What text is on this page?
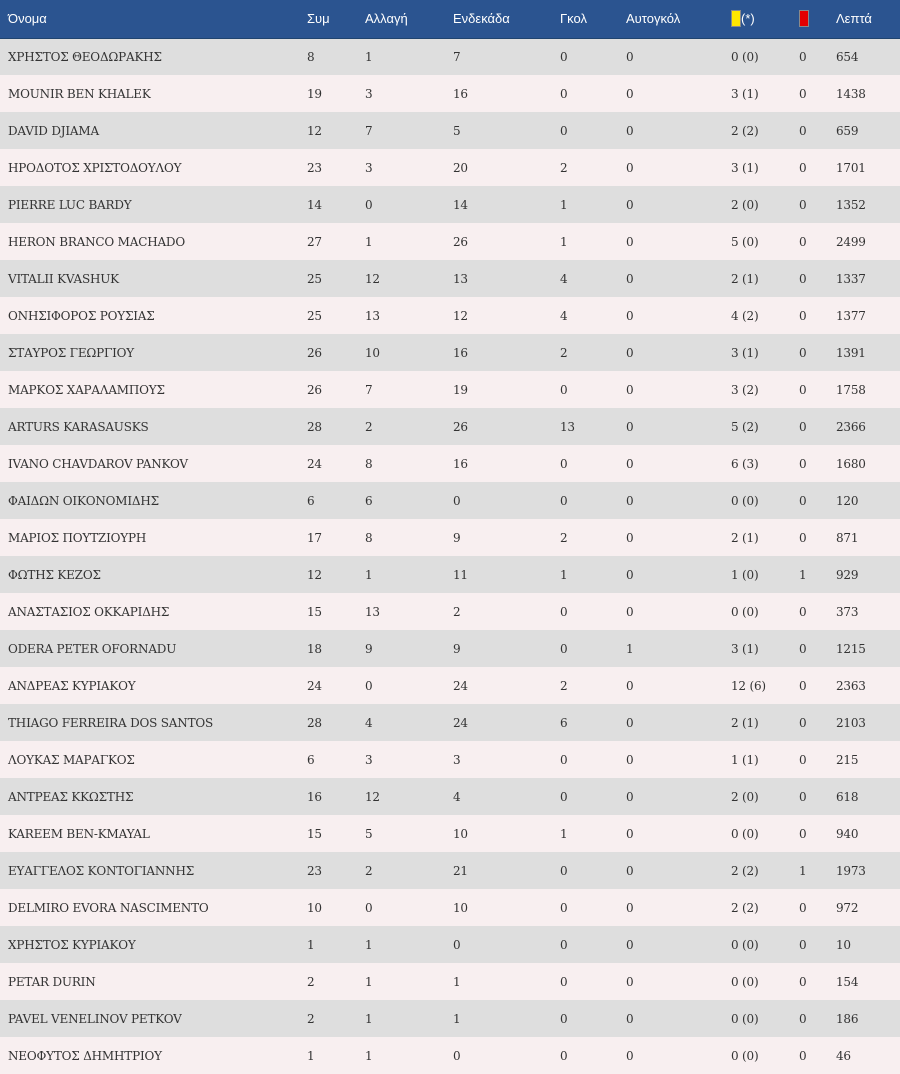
Όνομα	Συμ	Αλλαγή	Ενδεκάδα	Γκολ	Αυτογκόλ	(*)		Λεπτά
ΧΡΗΣΤΟΣ ΘΕΟΔΩΡΑΚΗΣ	8	1	7	0	0	0 (0)	0	654
MOUNIR BEN KHALEK	19	3	16	0	0	3 (1)	0	1438
DAVID DJIAMA	12	7	5	0	0	2 (2)	0	659
ΗΡΟΔΟΤΟΣ ΧΡΙΣΤΟΔΟΥΛΟΥ	23	3	20	2	0	3 (1)	0	1701
PIERRE LUC BARDY	14	0	14	1	0	2 (0)	0	1352
HERON BRANCO MACHADO	27	1	26	1	0	5 (0)	0	2499
VITALII KVASHUK	25	12	13	4	0	2 (1)	0	1337
ΟΝΗΣΙΦΟΡΟΣ ΡΟΥΣΙΑΣ	25	13	12	4	0	4 (2)	0	1377
ΣΤΑΥΡΟΣ ΓΕΩΡΓΙΟΥ	26	10	16	2	0	3 (1)	0	1391
ΜΑΡΚΟΣ ΧΑΡΑΛΑΜΠΟΥΣ	26	7	19	0	0	3 (2)	0	1758
ARTURS KARASAUSKS	28	2	26	13	0	5 (2)	0	2366
IVANO CHAVDAROV PANKOV	24	8	16	0	0	6 (3)	0	1680
ΦΑΙΔΩΝ ΟΙΚΟΝΟΜΙΔΗΣ	6	6	0	0	0	0 (0)	0	120
ΜΑΡΙΟΣ ΠΟΥΤΖΙΟΥΡΗ	17	8	9	2	0	2 (1)	0	871
ΦΩΤΗΣ ΚΕΖΟΣ	12	1	11	1	0	1 (0)	1	929
ΑΝΑΣΤΑΣΙΟΣ ΟΚΚΑΡΙΔΗΣ	15	13	2	0	0	0 (0)	0	373
ODERA PETER OFORNADU	18	9	9	0	1	3 (1)	0	1215
ΑΝΔΡΕΑΣ ΚΥΡΙΑΚΟΥ	24	0	24	2	0	12 (6)	0	2363
THIAGO FERREIRA DOS SANTOS	28	4	24	6	0	2 (1)	0	2103
ΛΟΥΚΑΣ ΜΑΡΑΓΚΟΣ	6	3	3	0	0	1 (1)	0	215
ΑΝΤΡΕΑΣ ΚΚΩΣΤΗΣ	16	12	4	0	0	2 (0)	0	618
KAREEM BEN-KMAYAL	15	5	10	1	0	0 (0)	0	940
ΕΥΑΓΓΕΛΟΣ ΚΟΝΤΟΓΙΑΝΝΗΣ	23	2	21	0	0	2 (2)	1	1973
DELMIRO EVORA NASCIMENTO	10	0	10	0	0	2 (2)	0	972
ΧΡΗΣΤΟΣ ΚΥΡΙΑΚΟΥ	1	1	0	0	0	0 (0)	0	10
PETAR DURIN	2	1	1	0	0	0 (0)	0	154
PAVEL VENELINOV PETKOV	2	1	1	0	0	0 (0)	0	186
ΝΕΟΦΥΤΟΣ ΔΗΜΗΤΡΙΟΥ	1	1	0	0	0	0 (0)	0	46
